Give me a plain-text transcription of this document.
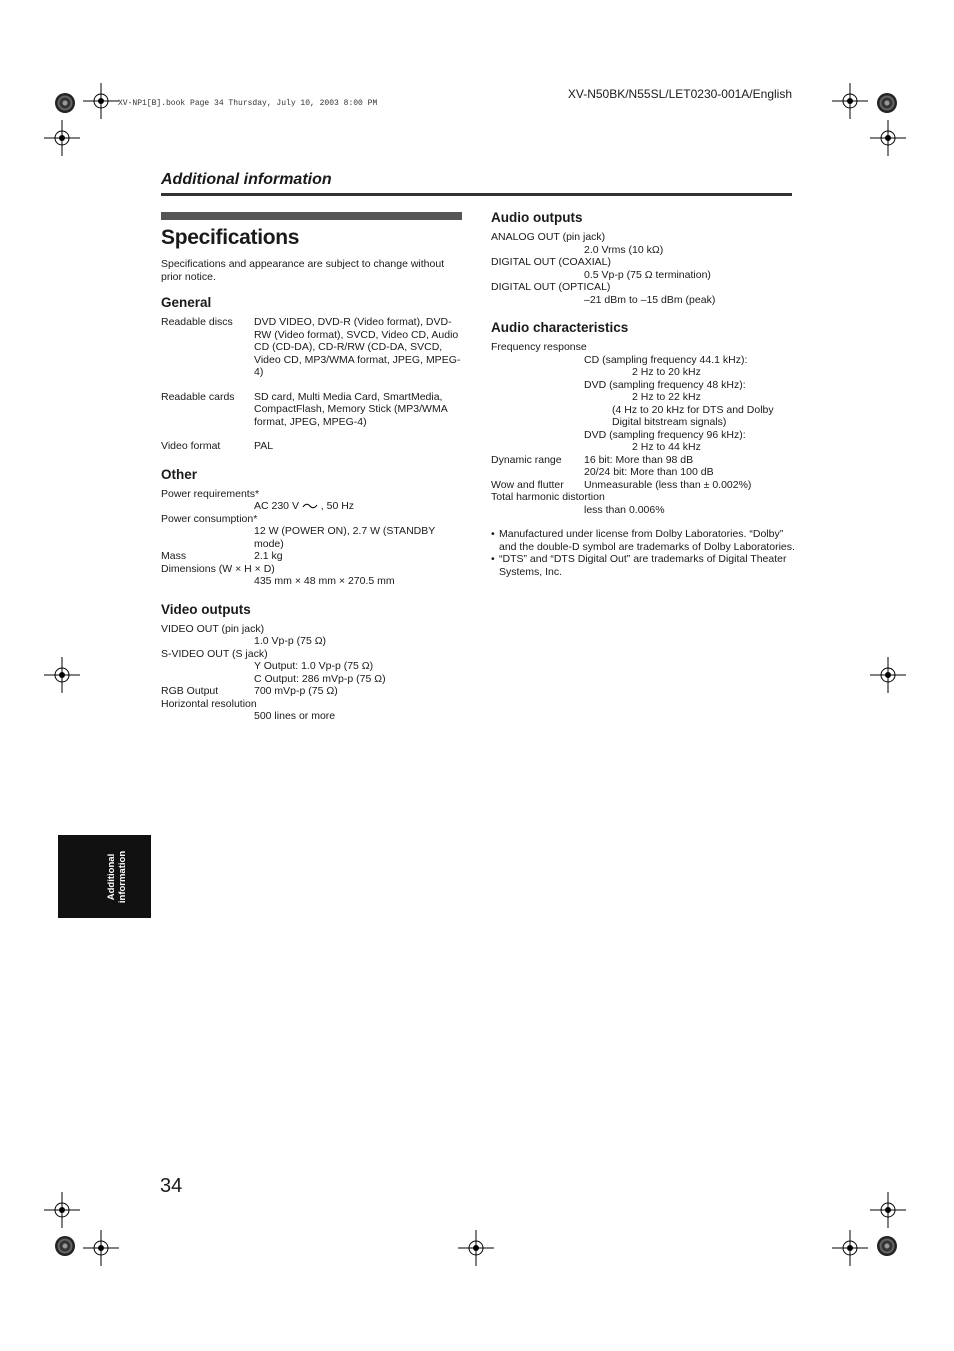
XV-NP1[B].book Page 34 Thursday, July 10, 2003 8:00 PM
XV-N50BK/N55SL/LET0230-001A/English
Additional information
Specifications
Specifications and appearance are subject to change without prior notice.
General
Readable discs	DVD VIDEO, DVD-R (Video format), DVD-RW (Video format), SVCD, Video CD, Audio CD (CD-DA), CD-R/RW (CD-DA, SVCD, Video CD, MP3/WMA format, JPEG, MPEG-4)
Readable cards	SD card, Multi Media Card, SmartMedia, CompactFlash, Memory Stick (MP3/WMA format, JPEG, MPEG-4)
Video format	PAL
Other
Power requirements*
AC 230 V , 50 Hz
Power consumption*
12 W (POWER ON), 2.7 W (STANDBY mode)
Mass	2.1 kg
Dimensions (W × H × D)
435 mm × 48 mm × 270.5 mm
Video outputs
VIDEO OUT (pin jack)
1.0 Vp-p (75 Ω)
S-VIDEO OUT (S jack)
Y Output: 1.0 Vp-p (75 Ω)
C Output: 286 mVp-p (75 Ω)
RGB Output	700 mVp-p (75 Ω)
Horizontal resolution
500 lines or more
Audio outputs
ANALOG OUT (pin jack)
2.0 Vrms (10 kΩ)
DIGITAL OUT (COAXIAL)
0.5 Vp-p (75 Ω termination)
DIGITAL OUT (OPTICAL)
–21 dBm to –15 dBm (peak)
Audio characteristics
Frequency response
CD (sampling frequency 44.1 kHz):
2 Hz to 20 kHz
DVD (sampling frequency 48 kHz):
2 Hz to 22 kHz
(4 Hz to 20 kHz for DTS and Dolby Digital bitstream signals)
DVD (sampling frequency 96 kHz):
2 Hz to 44 kHz
Dynamic range	16 bit: More than 98 dB
20/24 bit: More than 100 dB
Wow and flutter	Unmeasurable (less than ± 0.002%)
Total harmonic distortion
less than 0.006%
• Manufactured under license from Dolby Laboratories. “Dolby” and the double-D symbol are trademarks of Dolby Laboratories.
• “DTS” and “DTS Digital Out” are trademarks of Digital Theater Systems, Inc.
Additional information
34
